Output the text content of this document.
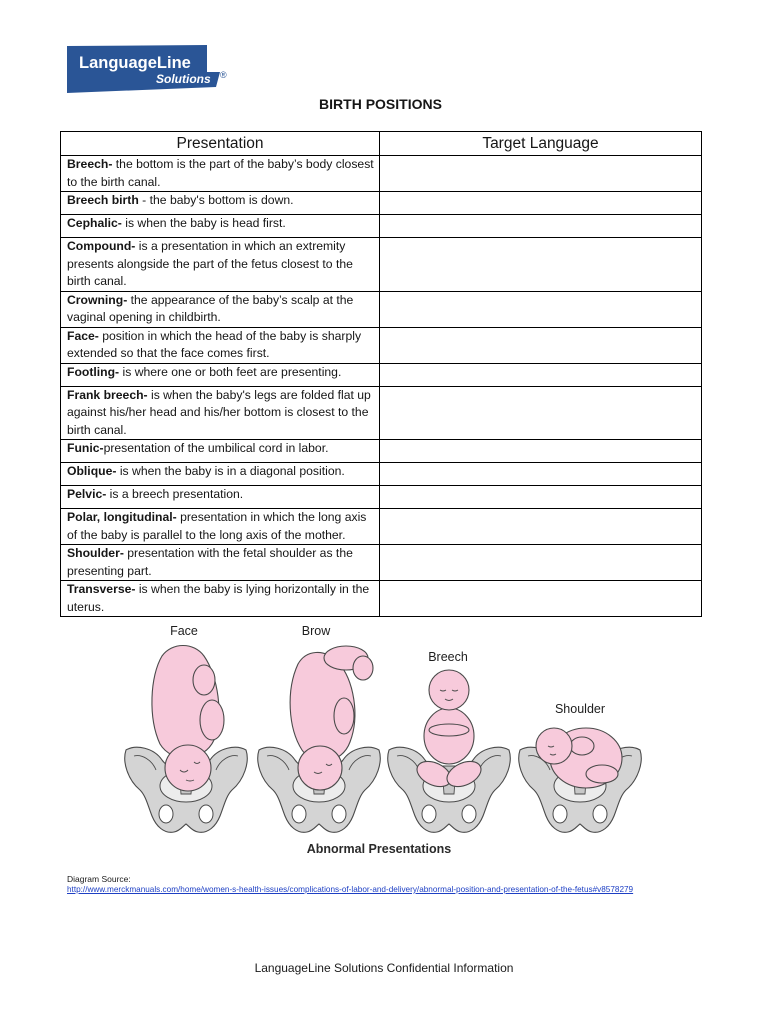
LanguageLine
Solutions ®
BIRTH POSITIONS
Presentation	Target Language
Breech- the bottom is the part of the baby’s body closest to the birth canal.	
Breech birth - the baby's bottom is down.	
Cephalic- is when the baby is head first.	
Compound- is a presentation in which an extremity presents alongside the part of the fetus closest to the birth canal.	
Crowning- the appearance of the baby’s scalp at the vaginal opening in childbirth.	
Face- position in which the head of the baby is sharply extended so that the face comes first.	
Footling- is where one or both feet are presenting.	
Frank breech- is when the baby's legs are folded flat up against his/her head and his/her bottom is closest to the birth canal.	
Funic-presentation of the umbilical cord in labor.	
Oblique- is when the baby is in a diagonal position.	
Pelvic- is a breech presentation.	
Polar, longitudinal- presentation in which the long axis of the baby is parallel to the long axis of the mother.	
Shoulder- presentation with the fetal shoulder as the presenting part.	
Transverse- is when the baby is lying horizontally in the uterus.	
Face	Brow
Breech
Shoulder
Abnormal Presentations
Diagram Source:
http://www.merckmanuals.com/home/women-s-health-issues/complications-of-labor-and-delivery/abnormal-position-and-presentation-of-the-fetus#v8578279
LanguageLine Solutions Confidential Information
